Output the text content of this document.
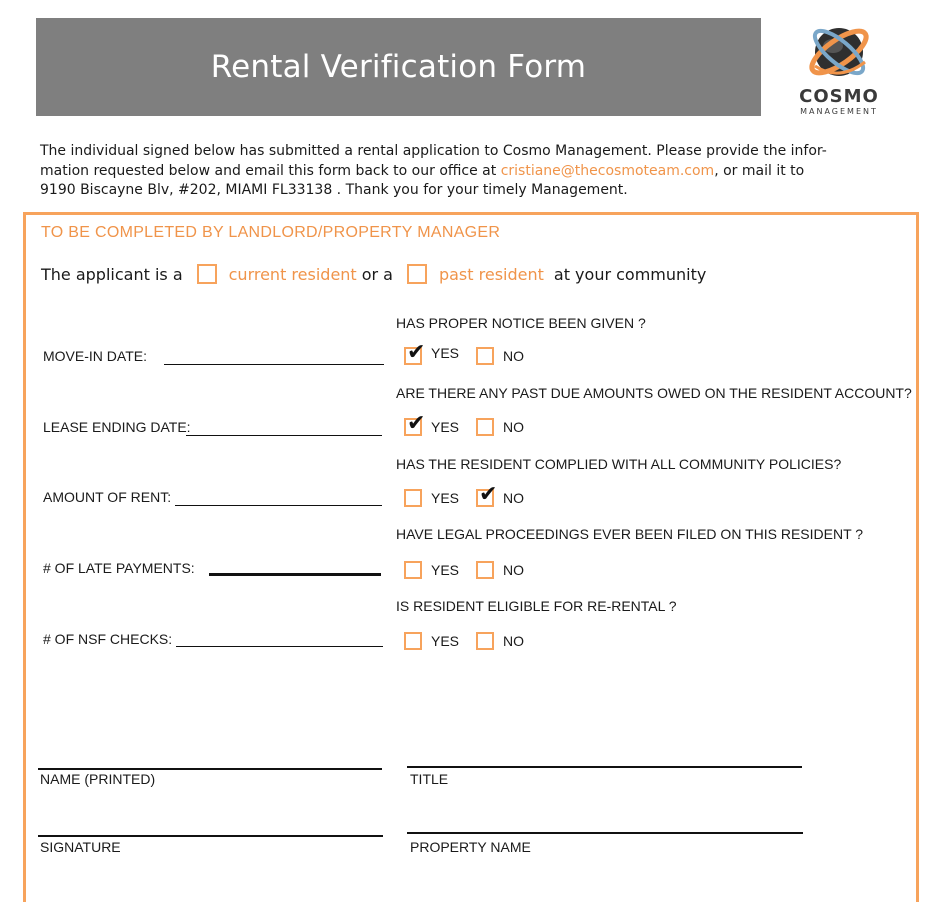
Rental Verification Form
COSMO
MANAGEMENT

The individual signed below has submitted a rental application to Cosmo Management. Please provide the infor-

mation requested below and email this form back to our office at cristiane@thecosmoteam.com, or mail it to

9190 Biscayne Blv, #202, MIAMI FL33138 . Thank you for your timely Management.

TO BE COMPLETED BY LANDLORD/PROPERTY MANAGER
The applicant is a	current resident or a	past resident at your community
MOVE-IN DATE:
LEASE ENDING DATE:
AMOUNT OF RENT:
# OF LATE PAYMENTS:
# OF NSF CHECKS:
HAS PROPER NOTICE BEEN GIVEN ?
✔ YES	NO
ARE THERE ANY PAST DUE AMOUNTS OWED ON THE RESIDENT ACCOUNT?
✔ YES	NO
HAS THE RESIDENT COMPLIED WITH ALL COMMUNITY POLICIES?
YES ✔ NO
HAVE LEGAL PROCEEDINGS EVER BEEN FILED ON THIS RESIDENT ?
YES	NO
IS RESIDENT ELIGIBLE FOR RE-RENTAL ?
YES	NO
NAME (PRINTED)	TITLE
SIGNATURE	PROPERTY NAME
